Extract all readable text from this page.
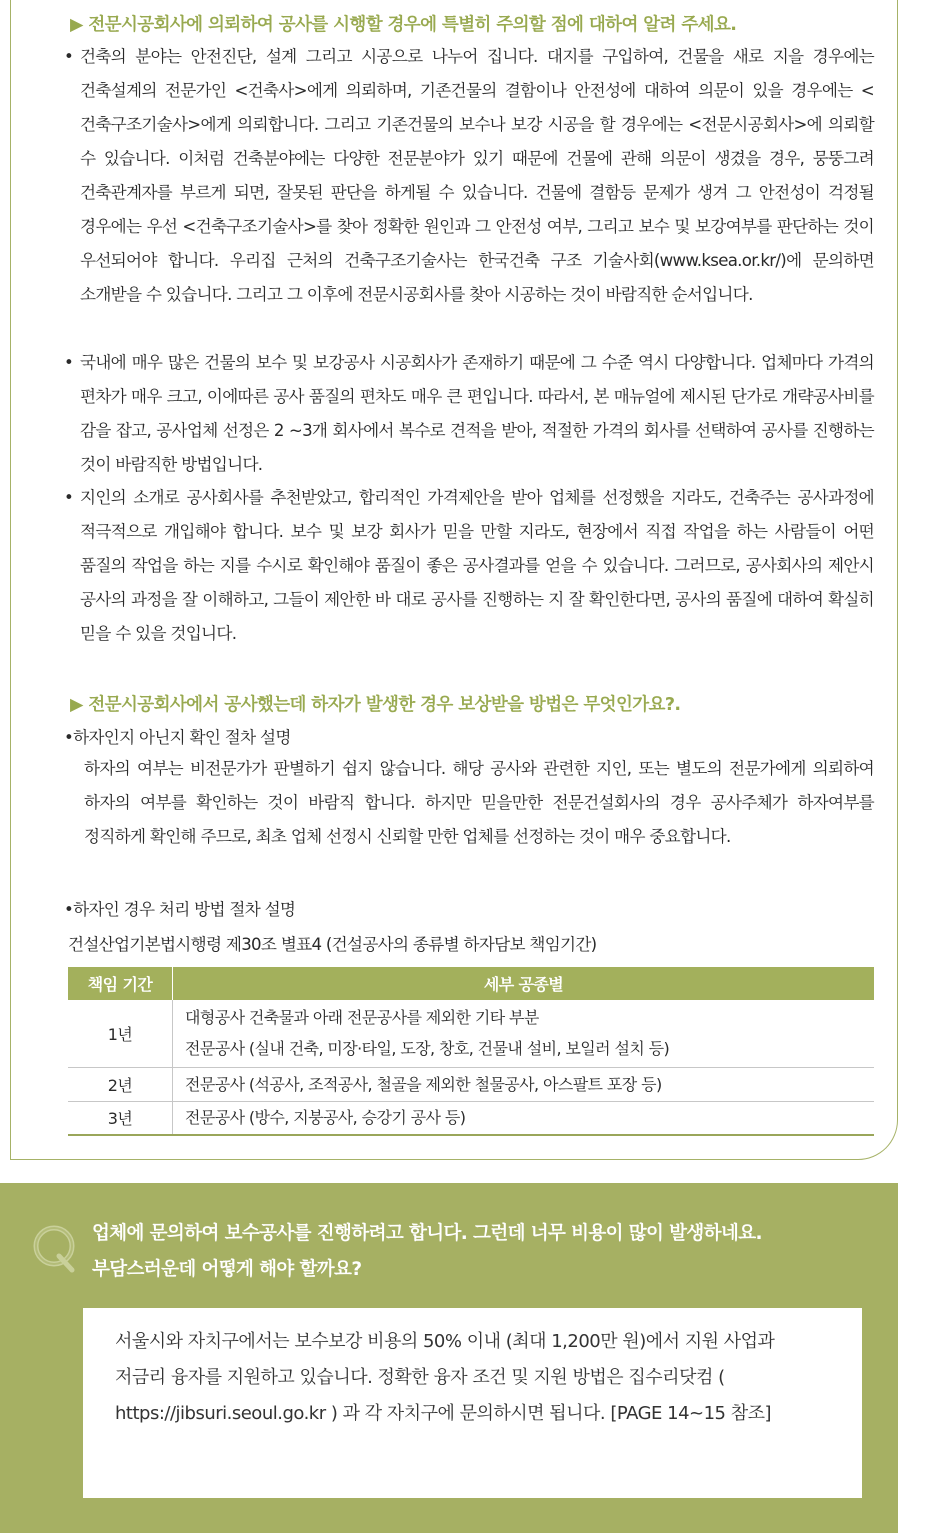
▶ 전문시공회사에 의뢰하여 공사를 시행할 경우에 특별히 주의할 점에 대하여 알려 주세요.
• 건축의 분야는 안전진단, 설계 그리고 시공으로 나누어 집니다. 대지를 구입하여, 건물을 새로 지을 경우에는 건축설계의 전문가인 <건축사>에게 의뢰하며, 기존건물의 결함이나 안전성에 대하여 의문이 있을 경우에는 <건축구조기술사>에게 의뢰합니다. 그리고 기존건물의 보수나 보강 시공을 할 경우에는 <전문시공회사>에 의뢰할 수 있습니다. 이처럼 건축분야에는 다양한 전문분야가 있기 때문에 건물에 관해 의문이 생겼을 경우, 뭉뚱그려 건축관계자를 부르게 되면, 잘못된 판단을 하게될 수 있습니다. 건물에 결함등 문제가 생겨 그 안전성이 걱정될 경우에는 우선 <건축구조기술사>를 찾아 정확한 원인과 그 안전성 여부, 그리고 보수 및 보강여부를 판단하는 것이 우선되어야 합니다. 우리집 근처의 건축구조기술사는 한국건축 구조 기술사회(www.ksea.or.kr/)에 문의하면 소개받을 수 있습니다. 그리고 그 이후에 전문시공회사를 찾아 시공하는 것이 바람직한 순서입니다.
• 국내에 매우 많은 건물의 보수 및 보강공사 시공회사가 존재하기 때문에 그 수준 역시 다양합니다. 업체마다 가격의 편차가 매우 크고, 이에따른 공사 품질의 편차도 매우 큰 편입니다. 따라서, 본 매뉴얼에 제시된 단가로 개략공사비를 감을 잡고, 공사업체 선정은 2 ~3개 회사에서 복수로 견적을 받아, 적절한 가격의 회사를 선택하여 공사를 진행하는 것이 바람직한 방법입니다.
• 지인의 소개로 공사회사를 추천받았고, 합리적인 가격제안을 받아 업체를 선정했을 지라도, 건축주는 공사과정에 적극적으로 개입해야 합니다. 보수 및 보강 회사가 믿을 만할 지라도, 현장에서 직접 작업을 하는 사람들이 어떤 품질의 작업을 하는 지를 수시로 확인해야 품질이 좋은 공사결과를 얻을 수 있습니다. 그러므로, 공사회사의 제안시 공사의 과정을 잘 이해하고, 그들이 제안한 바 대로 공사를 진행하는 지 잘 확인한다면, 공사의 품질에 대하여 확실히 믿을 수 있을 것입니다.
▶ 전문시공회사에서 공사했는데 하자가 발생한 경우 보상받을 방법은 무엇인가요?.
•하자인지 아닌지 확인 절차 설명
하자의 여부는 비전문가가 판별하기 쉽지 않습니다. 해당 공사와 관련한 지인, 또는 별도의 전문가에게 의뢰하여 하자의 여부를 확인하는 것이 바람직 합니다. 하지만 믿을만한 전문건설회사의 경우 공사주체가 하자여부를 정직하게 확인해 주므로, 최초 업체 선정시 신뢰할 만한 업체를 선정하는 것이 매우 중요합니다.
•하자인 경우 처리 방법 절차 설명
건설산업기본법시행령 제30조 별표4 (건설공사의 종류별 하자담보 책임기간)
책임 기간	세부 공종별
1년	대형공사 건축물과 아래 전문공사를 제외한 기타 부분
전문공사 (실내 건축, 미장·타일, 도장, 창호, 건물내 설비, 보일러 설치 등)

2년	전문공사 (석공사, 조적공사, 철골을 제외한 철물공사, 아스팔트 포장 등)

3년	전문공사 (방수, 지붕공사, 승강기 공사 등)
업체에 문의하여 보수공사를 진행하려고 합니다. 그런데 너무 비용이 많이 발생하네요. 부담스러운데 어떻게 해야 할까요?

서울시와 자치구에서는 보수보강 비용의 50% 이내 (최대 1,200만 원)에서 지원 사업과 저금리 융자를 지원하고 있습니다. 정확한 융자 조건 및 지원 방법은 집수리닷컴 ( https://jibsuri.seoul.go.kr ) 과 각 자치구에 문의하시면 됩니다. [PAGE 14~15 참조]
